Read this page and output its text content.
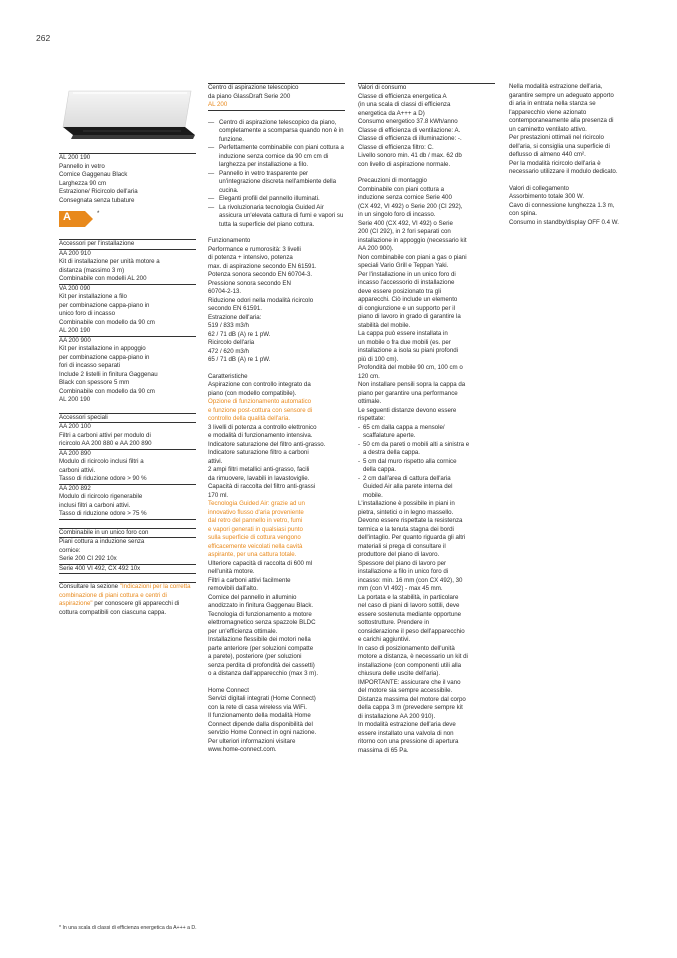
262
AL 200 190
Pannello in vetro
Cornice Gaggenau Black
Larghezza 90 cm
Estrazione/ Ricircolo dell'aria
Consegnata senza tubature
A	*
Accessori per l'installazione
AA 200 910
Kit di installazione per unità motore a
distanza (massimo 3 m)
Combinabile con modelli AL 200
VA 200 090
Kit per installazione a filo
per combinazione cappa-piano in
unico foro di incasso
Combinabile con modello da 90 cm
AL 200 190
AA 200 900
Kit per installazione in appoggio
per combinazione cappa-piano in
fori di incasso separati
Include 2 listelli in finitura Gaggenau
Black con spessore 5 mm
Combinabile con modello da 90 cm
AL 200 190
Accessori speciali
AA 200 100
Filtri a carboni attivi per modulo di
ricircolo AA 200 880 e AA 200 890
AA 200 890
Modulo di ricircolo inclusi filtri a
carboni attivi.
Tasso di riduzione odore > 90 %
AA 200 892
Modulo di ricircolo rigenerabile
inclusi filtri a carboni attivi.
Tasso di riduzione odore > 75 %
Combinabile in un unico foro con
Piani cottura a induzione senza
cornice:
Serie 200 CI 292 10x
Serie 400 VI 492, CX 492 10x
Consultare la sezione "Indicazioni per la corretta combinazione di piani cottura e centri di aspirazione" per conoscere gli apparecchi di cottura compatibili con ciascuna cappa.
Centro di aspirazione telescopico
da piano GlassDraft Serie 200
AL 200
— Centro di aspirazione telescopico da piano, completamente a scomparsa quando non è in funzione.
— Perfettamente combinabile con piani cottura a induzione senza cornice da 90 cm cm di larghezza per installazione a filo.
— Pannello in vetro trasparente per un'integrazione discreta nell'ambiente della cucina.
— Eleganti profili del pannello illuminati.
— La rivoluzionaria tecnologia Guided Air assicura un'elevata cattura di fumi e vapori su tutta la superficie del piano cottura.
Funzionamento
Performance e rumorosità: 3 livelli
di potenza + intensivo, potenza
max. di aspirazione secondo EN 61591.
Potenza sonora secondo EN 60704-3.
Pressione sonora secondo EN
60704-2-13.
Riduzione odori nella modalità ricircolo
secondo EN 61591.
Estrazione dell'aria:
519 / 833 m3/h
62 / 71 dB (A) re 1 pW.
Ricircolo dell'aria
472 / 620 m3/h
65 / 71 dB (A) re 1 pW.
Caratteristiche
Aspirazione con controllo integrato da
piano (con modello compatibile).
Opzione di funzionamento automatico
e funzione post-cottura con sensore di
controllo della qualità dell'aria.
3 livelli di potenza a controllo elettronico
e modalità di funzionamento intensiva.
Indicatore saturazione del filtro anti-grasso.
Indicatore saturazione filtro a carboni
attivi.
2 ampi filtri metallici anti-grasso, facili
da rimuovere, lavabili in lavastoviglie.
Capacità di raccolta del filtro anti-grassi
170 ml.
Tecnologia Guided Air: grazie ad un
innovativo flusso d'aria proveniente
dal retro del pannello in vetro, fumi
e vapori generati in qualsiasi punto
sulla superficie di cottura vengono
efficacemente veicolati nella cavità
aspirante, per una cattura totale.
Ulteriore capacità di raccolta di 600 ml
nell'unità motore.
Filtri a carboni attivi facilmente
removibili dall'alto.
Cornice del pannello in alluminio
anodizzato in finitura Gaggenau Black.
Tecnologia di funzionamento a motore
elettromagnetico senza spazzole BLDC
per un'efficienza ottimale.
Installazione flessibile dei motori nella
parte anteriore (per soluzioni compatte
a parete), posteriore (per soluzioni
senza perdita di profondità dei cassetti)
o a distanza dall'apparecchio (max 3 m).
Home Connect
Servizi digitali integrati (Home Connect)
con la rete di casa wireless via WiFi.
Il funzionamento della modalità Home
Connect dipende dalla disponibilità del
servizio Home Connect in ogni nazione.
Per ulteriori informazioni visitare
www.home-connect.com.
Valori di consumo
Classe di efficienza energetica A
(in una scala di classi di efficienza
energetica da A+++ a D)
Consumo energetico 37.8 kWh/anno
Classe di efficienza di ventilazione: A.
Classe di efficienza di illuminazione: -.
Classe di efficienza filtro: C.
Livello sonoro min. 41 db / max. 62 db
con livello di aspirazione normale.
Precauzioni di montaggio
Combinabile con piani cottura a
induzione senza cornice Serie 400
(CX 492, VI 492) o Serie 200 (CI 292),
in un singolo foro di incasso.
Serie 400 (CX 492, VI 492) o Serie
200 (CI 292), in 2 fori separati con
installazione in appoggio (necessario kit
AA 200 900).
Non combinabile con piani a gas o piani
speciali Vario Grill e Teppan Yaki.
Per l'installazione in un unico foro di
incasso l'accessorio di installazione
deve essere posizionato tra gli
apparecchi. Ciò include un elemento
di congiunzione e un supporto per il
piano di lavoro in grado di garantire la
stabilità del mobile.
La cappa può essere installata in
un mobile o fra due mobili (es. per
installazione a isola su piani profondi
più di 100 cm).
Profondità del mobile 90 cm, 100 cm o
120 cm.
Non installare pensili sopra la cappa da
piano per garantire una performance
ottimale.
Le seguenti distanze devono essere
rispettate:
- 65 cm dalla cappa a mensole/
scaffalature aperte.
- 50 cm da pareti o mobili alti a sinistra e
a destra della cappa.
- 5 cm dal muro rispetto alla cornice
della cappa.
- 2 cm dall'area di cattura dell'aria
Guided Air alla parete interna del
mobile.
L'installazione è possibile in piani in
pietra, sintetici o in legno massello.
Devono essere rispettate la resistenza
termica e la tenuta stagna dei bordi
dell'intaglio. Per quanto riguarda gli altri
materiali si prega di consultare il
produttore del piano di lavoro.
Spessore del piano di lavoro per
installazione a filo in unico foro di
incasso: min. 16 mm (con CX 492), 30
mm (con VI 492) - max 45 mm.
La portata e la stabilità, in particolare
nel caso di piani di lavoro sottili, deve
essere sostenuta mediante opportune
sottostrutture. Prendere in
considerazione il peso dell'apparecchio
e carichi aggiuntivi.
In caso di posizionamento dell'unità
motore a distanza, è necessario un kit di
installazione (con componenti utili alla
chiusura delle uscite dell'aria).
IMPORTANTE: assicurare che il vano
del motore sia sempre accessibile.
Distanza massima del motore dal corpo
della cappa 3 m (prevedere sempre kit
di installazione AA 200 910).
In modalità estrazione dell'aria deve
essere installato una valvola di non
ritorno con una pressione di apertura
massima di 65 Pa.
Nella modalità estrazione dell'aria,
garantire sempre un adeguato apporto
di aria in entrata nella stanza se
l'apparecchio viene azionato
contemporaneamente alla presenza di
un caminetto ventilato attivo.
Per prestazioni ottimali nel ricircolo
dell'aria, si consiglia una superficie di
deflusso di almeno 440 cm².
Per la modalità ricircolo dell'aria è
necessario utilizzare il modulo dedicato.
Valori di collegamento
Assorbimento totale 300 W.
Cavo di connessione lunghezza 1.3 m,
con spina.
Consumo in standby/display OFF 0.4 W.
* In una scala di classi di efficienza energetica da A+++ a D.
